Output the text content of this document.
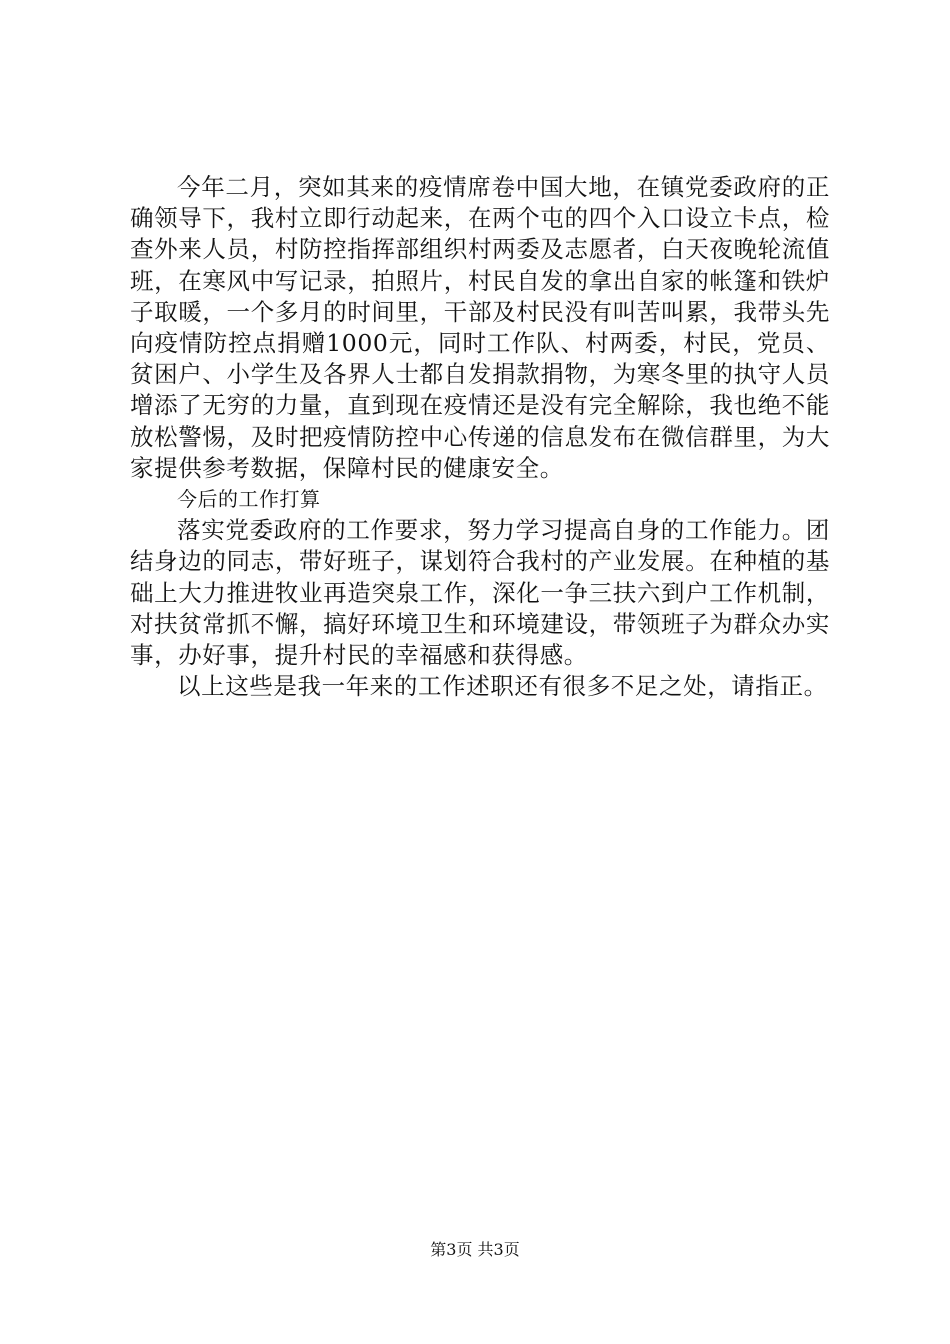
今年二月，突如其来的疫情席卷中国大地，在镇党委政府的正确领导下，我村立即行动起来，在两个屯的四个入口设立卡点，检查外来人员，村防控指挥部组织村两委及志愿者，白天夜晚轮流值班，在寒风中写记录，拍照片，村民自发的拿出自家的帐篷和铁炉子取暖，一个多月的时间里，干部及村民没有叫苦叫累，我带头先向疫情防控点捐赠1000元，同时工作队、村两委，村民，党员、贫困户、小学生及各界人士都自发捐款捐物，为寒冬里的执守人员增添了无穷的力量，直到现在疫情还是没有完全解除，我也绝不能放松警惕，及时把疫情防控中心传递的信息发布在微信群里，为大家提供参考数据，保障村民的健康安全。

今后的工作打算

落实党委政府的工作要求，努力学习提高自身的工作能力。团结身边的同志，带好班子，谋划符合我村的产业发展。在种植的基础上大力推进牧业再造突泉工作，深化一争三扶六到户工作机制，对扶贫常抓不懈，搞好环境卫生和环境建设，带领班子为群众办实事，办好事，提升村民的幸福感和获得感。

以上这些是我一年来的工作述职还有很多不足之处，请指正。

第3页 共3页
